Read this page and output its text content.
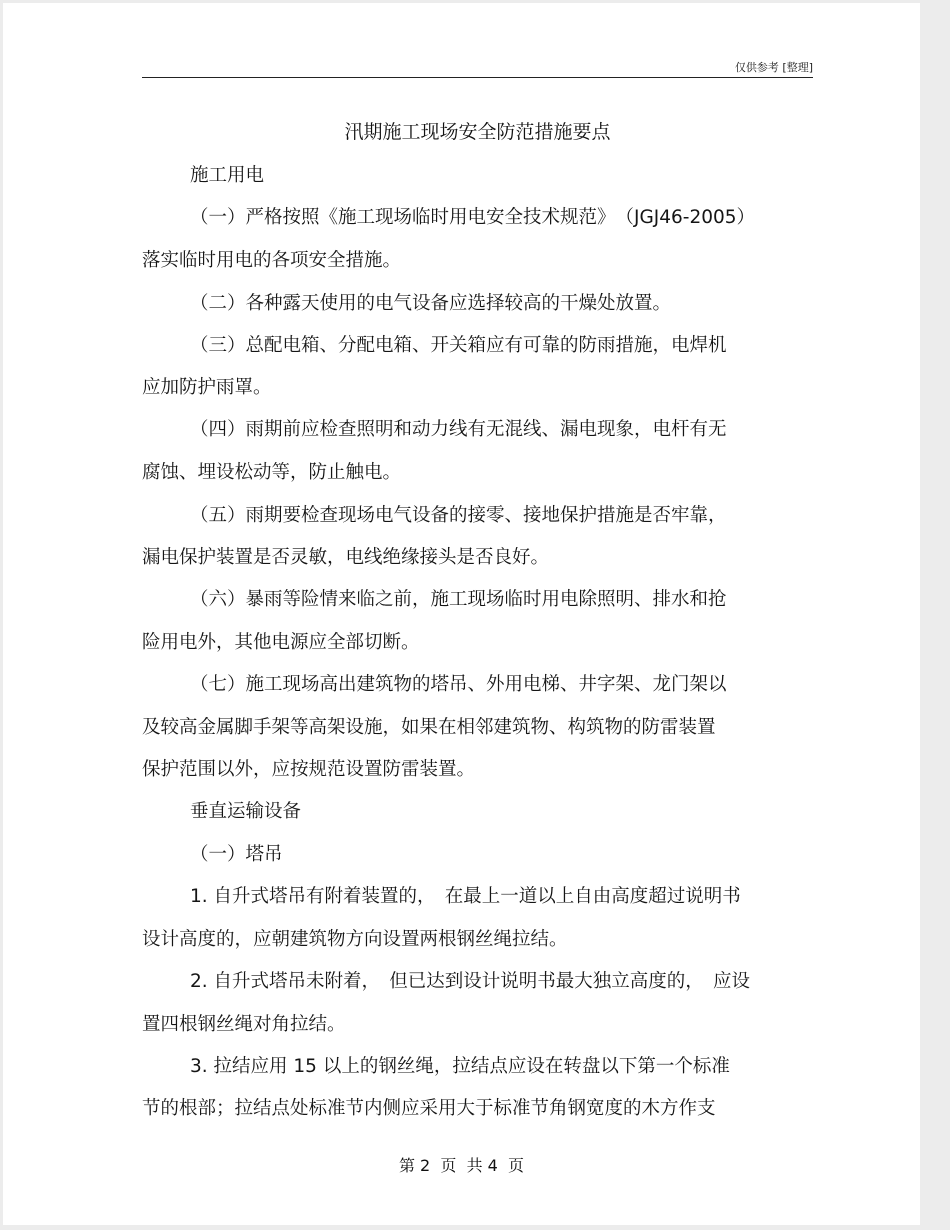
仅供参考 [整理]
汛期施工现场安全防范措施要点

施工用电

（一）严格按照《施工现场临时用电安全技术规范》　（JGJ46-2005）

落实临时用电的各项安全措施。

（二）各种露天使用的电气设备应选择较高的干燥处放置。

（三）总配电箱、分配电箱、开关箱应有可靠的防雨措施，电焊机

应加防护雨罩。

（四）雨期前应检查照明和动力线有无混线、漏电现象，电杆有无

腐蚀、埋设松动等，防止触电。

（五）雨期要检查现场电气设备的接零、接地保护措施是否牢靠，

漏电保护装置是否灵敏，电线绝缘接头是否良好。

（六）暴雨等险情来临之前，施工现场临时用电除照明、排水和抢

险用电外，其他电源应全部切断。

（七）施工现场高出建筑物的塔吊、外用电梯、井字架、龙门架以

及较高金属脚手架等高架设施，如果在相邻建筑物、构筑物的防雷装置

保护范围以外，应按规范设置防雷装置。

垂直运输设备

（一）塔吊

1. 自升式塔吊有附着装置的，　在最上一道以上自由高度超过说明书

设计高度的，应朝建筑物方向设置两根钢丝绳拉结。

2. 自升式塔吊未附着，　但已达到设计说明书最大独立高度的，　应设

置四根钢丝绳对角拉结。

3. 拉结应用 15 以上的钢丝绳，拉结点应设在转盘以下第一个标准

节的根部；拉结点处标准节内侧应采用大于标准节角钢宽度的木方作支

第 2  页  共 4  页
